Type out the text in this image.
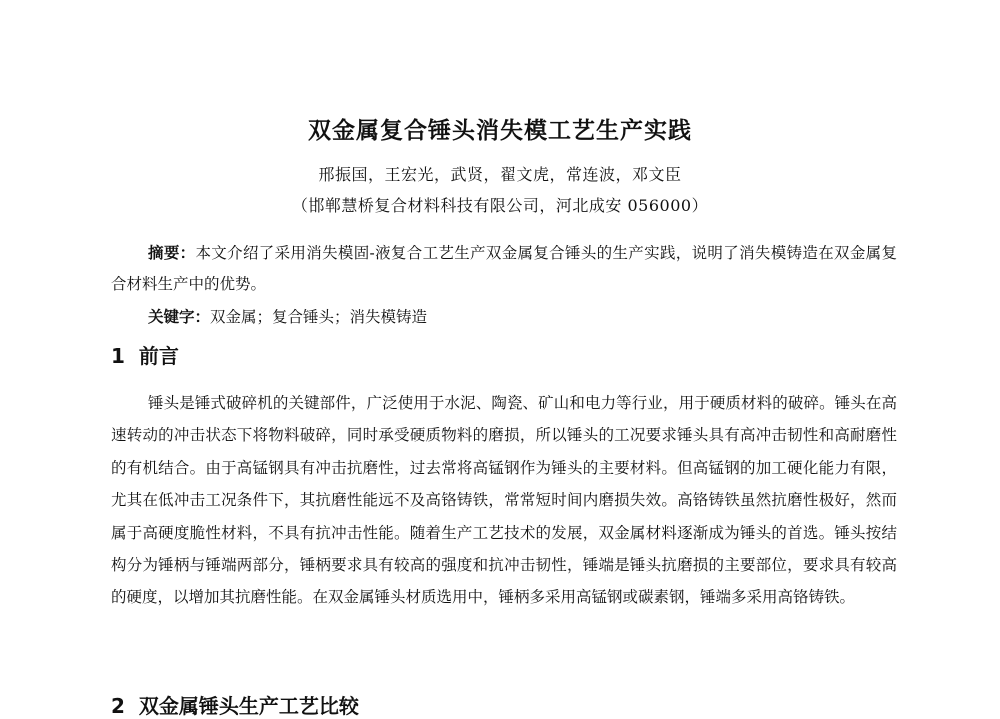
双金属复合锤头消失模工艺生产实践
邢振国，王宏光，武贤，翟文虎，常连波，邓文臣
（邯郸慧桥复合材料科技有限公司，河北成安 056000）

摘要：本文介绍了采用消失模固-液复合工艺生产双金属复合锤头的生产实践，说明了消失模铸造在双金属复合材料生产中的优势。

关键字：双金属；复合锤头；消失模铸造

1 前言

锤头是锤式破碎机的关键部件，广泛使用于水泥、陶瓷、矿山和电力等行业，用于硬质材料的破碎。锤头在高速转动的冲击状态下将物料破碎，同时承受硬质物料的磨损，所以锤头的工况要求锤头具有高冲击韧性和高耐磨性的有机结合。由于高锰钢具有冲击抗磨性，过去常将高锰钢作为锤头的主要材料。但高锰钢的加工硬化能力有限，尤其在低冲击工况条件下，其抗磨性能远不及高铬铸铁，常常短时间内磨损失效。高铬铸铁虽然抗磨性极好，然而属于高硬度脆性材料，不具有抗冲击性能。随着生产工艺技术的发展，双金属材料逐渐成为锤头的首选。锤头按结构分为锤柄与锤端两部分，锤柄要求具有较高的强度和抗冲击韧性，锤端是锤头抗磨损的主要部位，要求具有较高的硬度，以增加其抗磨性能。在双金属锤头材质选用中，锤柄多采用高锰钢或碳素钢，锤端多采用高铬铸铁。

2 双金属锤头生产工艺比较
